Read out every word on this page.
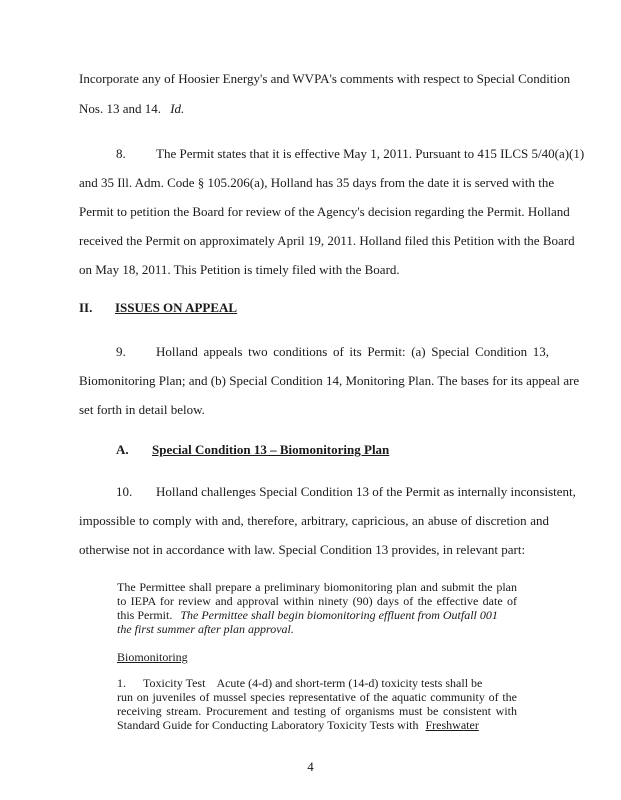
Incorporate any of Hoosier Energy's and WVPA's comments with respect to Special Condition
Nos. 13 and 14. Id.
8. The Permit states that it is effective May 1, 2011. Pursuant to 415 ILCS 5/40(a)(1)
and 35 Ill. Adm. Code § 105.206(a), Holland has 35 days from the date it is served with the
Permit to petition the Board for review of the Agency's decision regarding the Permit. Holland
received the Permit on approximately April 19, 2011. Holland filed this Petition with the Board
on May 18, 2011. This Petition is timely filed with the Board.
II. ISSUES ON APPEAL
9. Holland appeals two conditions of its Permit: (a) Special Condition 13,
Biomonitoring Plan; and (b) Special Condition 14, Monitoring Plan. The bases for its appeal are
set forth in detail below.
A. Special Condition 13 – Biomonitoring Plan
10. Holland challenges Special Condition 13 of the Permit as internally inconsistent,
impossible to comply with and, therefore, arbitrary, capricious, an abuse of discretion and
otherwise not in accordance with law. Special Condition 13 provides, in relevant part:
The Permittee shall prepare a preliminary biomonitoring plan and submit the plan
to IEPA for review and approval within ninety (90) days of the effective date of
this Permit. The Permittee shall begin biomonitoring effluent from Outfall 001
the first summer after plan approval.
Biomonitoring
1. Toxicity Test Acute (4-d) and short-term (14-d) toxicity tests shall be
run on juveniles of mussel species representative of the aquatic community of the
receiving stream. Procurement and testing of organisms must be consistent with
Standard Guide for Conducting Laboratory Toxicity Tests with Freshwater
4
